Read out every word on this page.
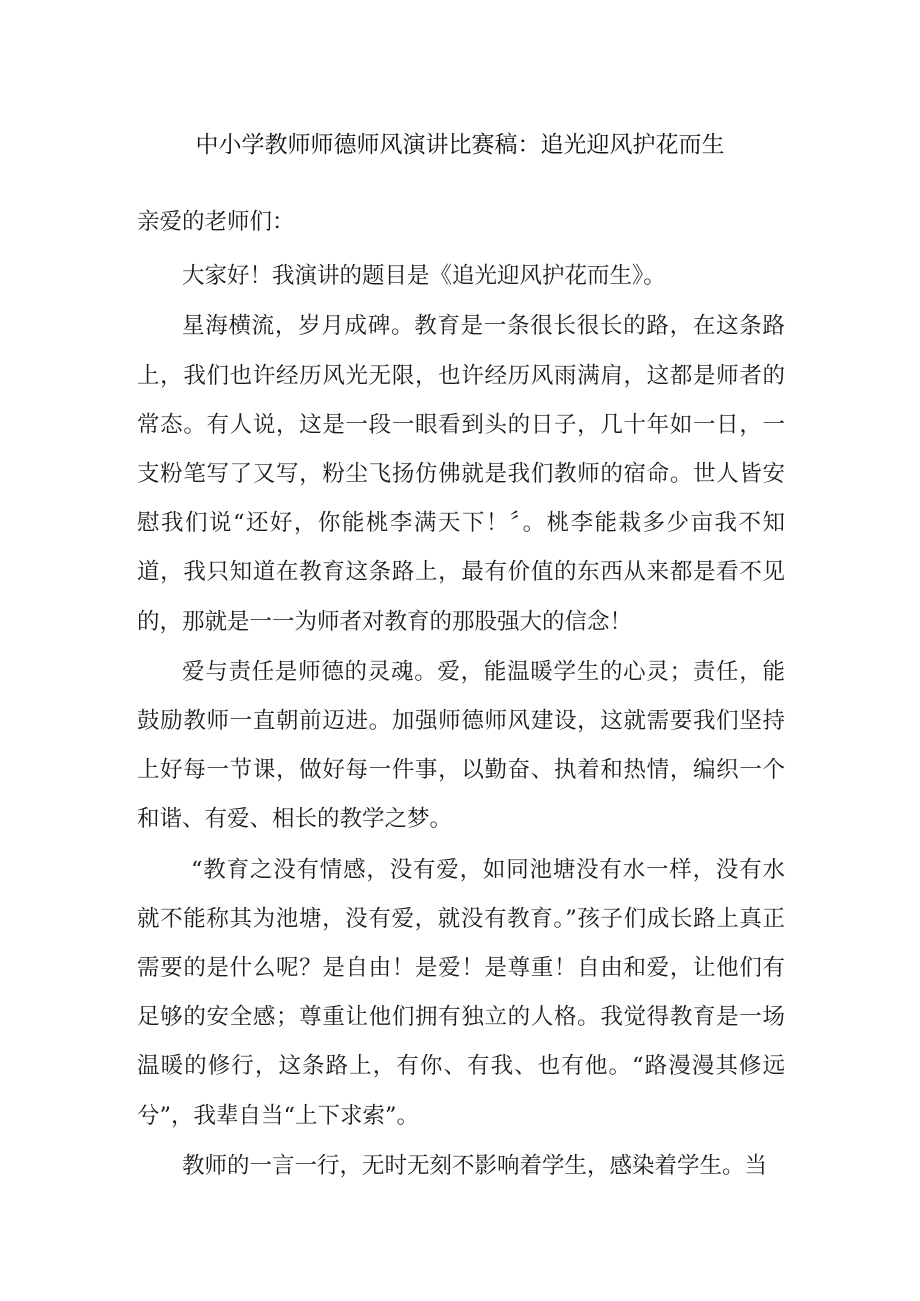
中小学教师师德师风演讲比赛稿：追光迎风护花而生

亲爱的老师们：

大家好！我演讲的题目是《追光迎风护花而生》。

星海横流，岁月成碑。教育是一条很长很长的路，在这条路上，我们也许经历风光无限，也许经历风雨满肩，这都是师者的常态。有人说，这是一段一眼看到头的日子，几十年如一日，一支粉笔写了又写，粉尘飞扬仿佛就是我们教师的宿命。世人皆安慰我们说“还好，你能桃李满天下！〞。桃李能栽多少亩我不知道，我只知道在教育这条路上，最有价值的东西从来都是看不见的，那就是一一为师者对教育的那股强大的信念！

爱与责任是师德的灵魂。爱，能温暖学生的心灵；责任，能鼓励教师一直朝前迈进。加强师德师风建设，这就需要我们坚持上好每一节课，做好每一件事，以勤奋、执着和热情，编织一个和谐、有爱、相长的教学之梦。

“教育之没有情感，没有爱，如同池塘没有水一样，没有水就不能称其为池塘，没有爱，就没有教育。”孩子们成长路上真正需要的是什么呢？是自由！是爱！是尊重！自由和爱，让他们有足够的安全感；尊重让他们拥有独立的人格。我觉得教育是一场温暖的修行，这条路上，有你、有我、也有他。“路漫漫其修远兮”，我辈自当“上下求索”。

教师的一言一行，无时无刻不影响着学生，感染着学生。当
